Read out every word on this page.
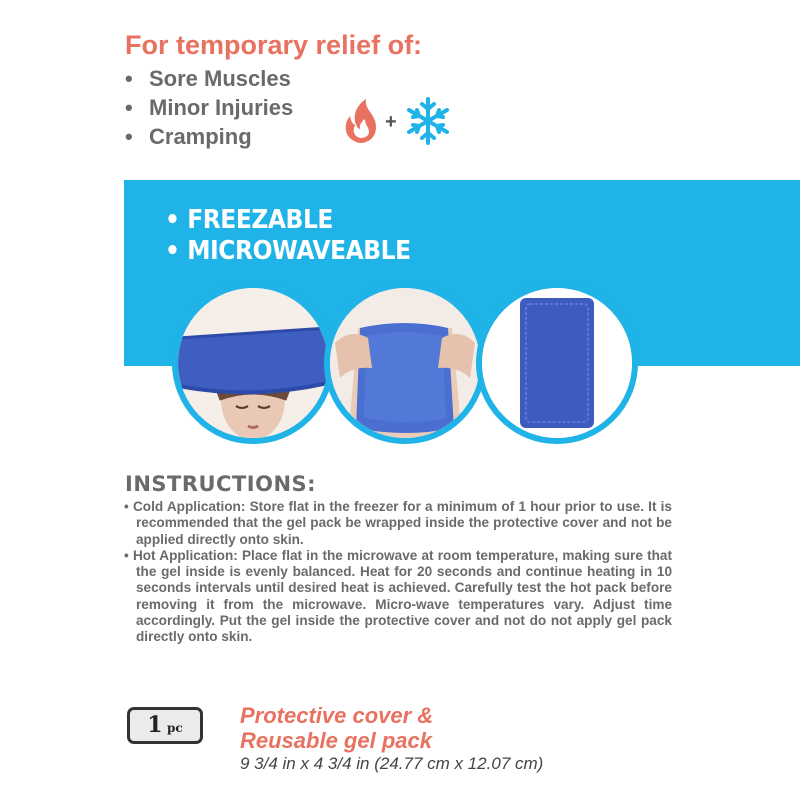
For temporary relief of:
• Sore Muscles
• Minor Injuries
• Cramping
+
• FREEZABLE
• MICROWAVEABLE
INSTRUCTIONS:

• Cold Application: Store flat in the freezer for a minimum of 1 hour prior to use. It is recommended that the gel pack be wrapped inside the protective cover and not be applied directly onto skin.

• Hot Application: Place flat in the microwave at room temperature, making sure that the gel inside is evenly balanced. Heat for 20 seconds and continue heating in 10 seconds intervals until desired heat is achieved. Carefully test the hot pack before removing it from the microwave. Micro-wave temperatures vary. Adjust time accordingly. Put the gel inside the protective cover and not do not apply gel pack directly onto skin.

1 pc	Protective cover &
Reusable gel pack
9 3/4 in x 4 3/4 in (24.77 cm x 12.07 cm)
